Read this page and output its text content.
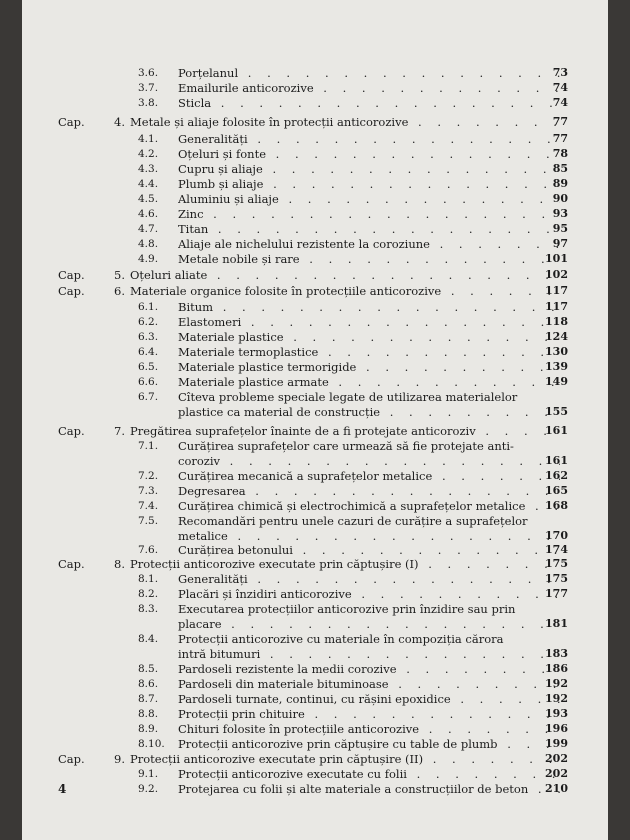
3.6. Porțelanul . . .	73
3.7. Emailurile anticorozive . . .	74
3.8. Sticla . . .	74
Cap.	4. Metale și aliaje folosite în protecții anticorozive . . .	77
4.1. Generalități . . .	77
4.2. Oțeluri și fonte . . .	78
4.3. Cupru și aliaje . . .	85
4.4. Plumb și aliaje . . .	89
4.5. Aluminiu și aliaje . . .	90
4.6. Zinc . . .	93
4.7. Titan . . .	95
4.8. Aliaje ale nichelului rezistente la coroziune . . .	97
4.9. Metale nobile și rare . . .	101
Cap.	5. Oțeluri aliate . . .	102
Cap.	6. Materiale organice folosite în protecțiile anticorozive . . .	117
6.1. Bitum . . .	117
6.2. Elastomeri . . .	118
6.3. Materiale plastice . . .	124
6.4. Materiale termoplastice . . .	130
6.5. Materiale plastice termorigide . . .	139
6.6. Materiale plastice armate . . .	149
6.7. Cîteva probleme speciale legate de utilizarea materialelor
plastice ca material de construcție . . .	155
Cap.	7. Pregătirea suprafețelor înainte de a fi protejate anticoroziv . . .	161
7.1. Curățirea suprafețelor care urmează să fie protejate anti-
coroziv . . .	161
7.2. Curățirea mecanică a suprafețelor metalice . . .	162
7.3. Degresarea . . .	165
7.4. Curățirea chimică și electrochimică a suprafețelor metalice . . .	168
7.5. Recomandări pentru unele cazuri de curățire a suprafețelor
metalice . . .	170
7.6. Curățirea betonului . . .	174
Cap.	8. Protecții anticorozive executate prin căptușire (I) . . .	175
8.1. Generalități . . .	175
8.2. Placări și înzidiri anticorozive . . .	177
8.3. Executarea protecțiilor anticorozive prin înzidire sau prin
placare . . .	181
8.4. Protecții anticorozive cu materiale în compoziția cărora
intră bitumuri . . .	183
8.5. Pardoseli rezistente la medii corozive . . .	186
8.6. Pardoseli din materiale bituminoase . . .	192
8.7. Pardoseli turnate, continui, cu rășini epoxidice . . .	192
8.8. Protecții prin chituire . . .	193
8.9. Chituri folosite în protecțiile anticorozive . . .	196
8.10. Protecții anticorozive prin căptușire cu table de plumb . . .	199
Cap.	9. Protecții anticorozive executate prin căptușire (II) . . .	202
9.1. Protecții anticorozive executate cu folii . . .	202
9.2. Protejarea cu folii și alte materiale a construcțiilor de beton . . .	210
4
